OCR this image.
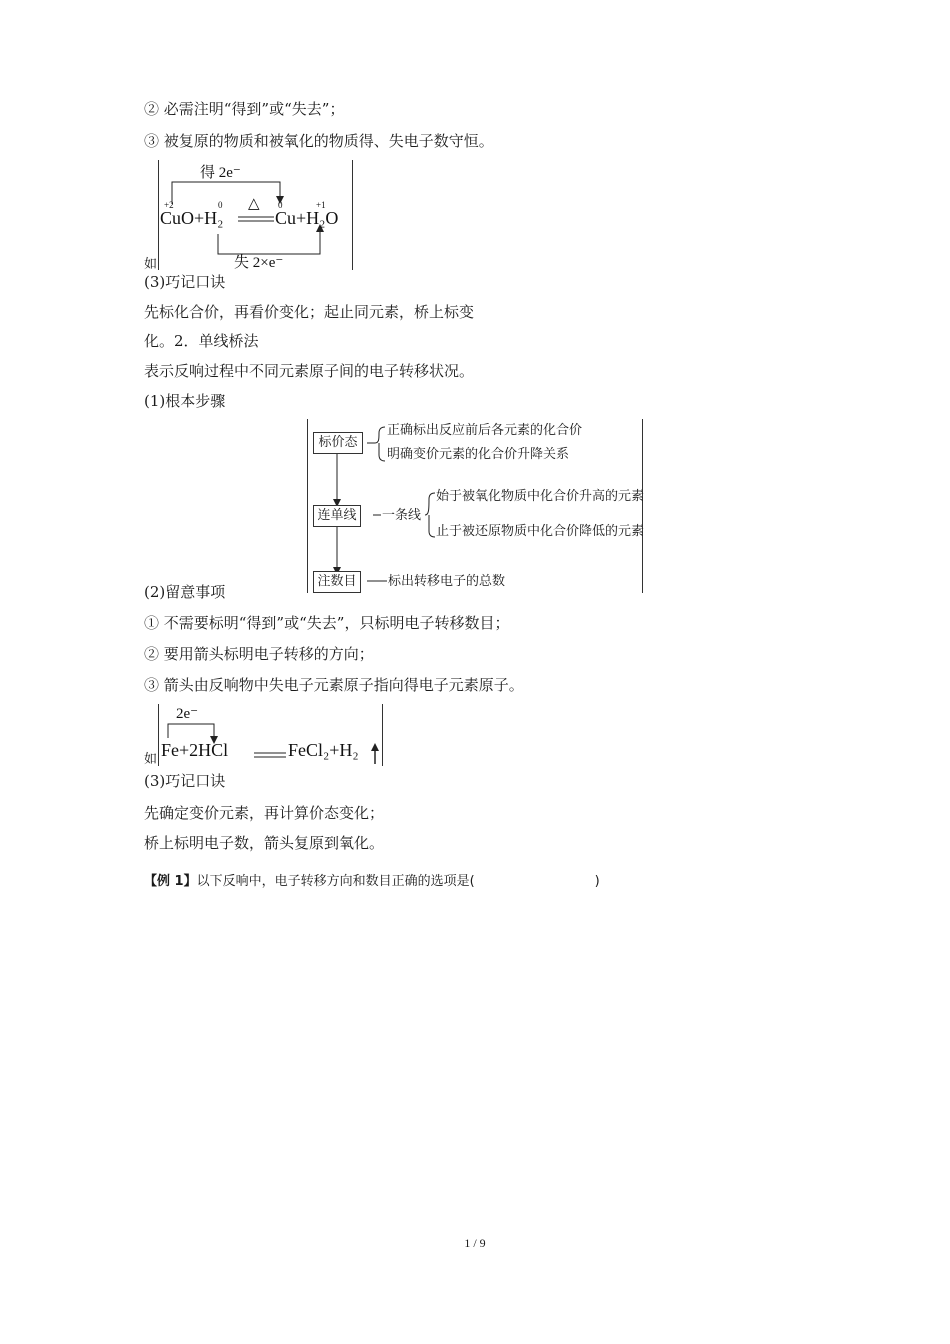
② 必需注明“得到”或“失去”；
③ 被复原的物质和被氧化的物质得、失电子数守恒。
得 2e⁻
+2	0	0	+1
△
CuO+H₂	Cu+H₂O
失 2×e⁻
如
(3)巧记口诀
先标化合价，再看价变化；起止同元素，桥上标变
化。2．单线桥法
表示反响过程中不同元素原子间的电子转移状况。
(1)根本步骤
标价态
正确标出反应前后各元素的化合价
明确变价元素的化合价升降关系
连单线	一条线
始于被氧化物质中化合价升高的元素
止于被还原物质中化合价降低的元素
注数目	标出转移电子的总数
(2)留意事项
① 不需要标明“得到”或“失去”，只标明电子转移数目；
② 要用箭头标明电子转移的方向；
③ 箭头由反响物中失电子元素原子指向得电子元素原子。
2e⁻
Fe+2HCl	FeCl₂+H₂
如
(3)巧记口诀
先确定变价元素，再计算价态变化；
桥上标明电子数，箭头复原到氧化。
【例 1】以下反响中，电子转移方向和数目正确的选项是(	)
1 / 9
